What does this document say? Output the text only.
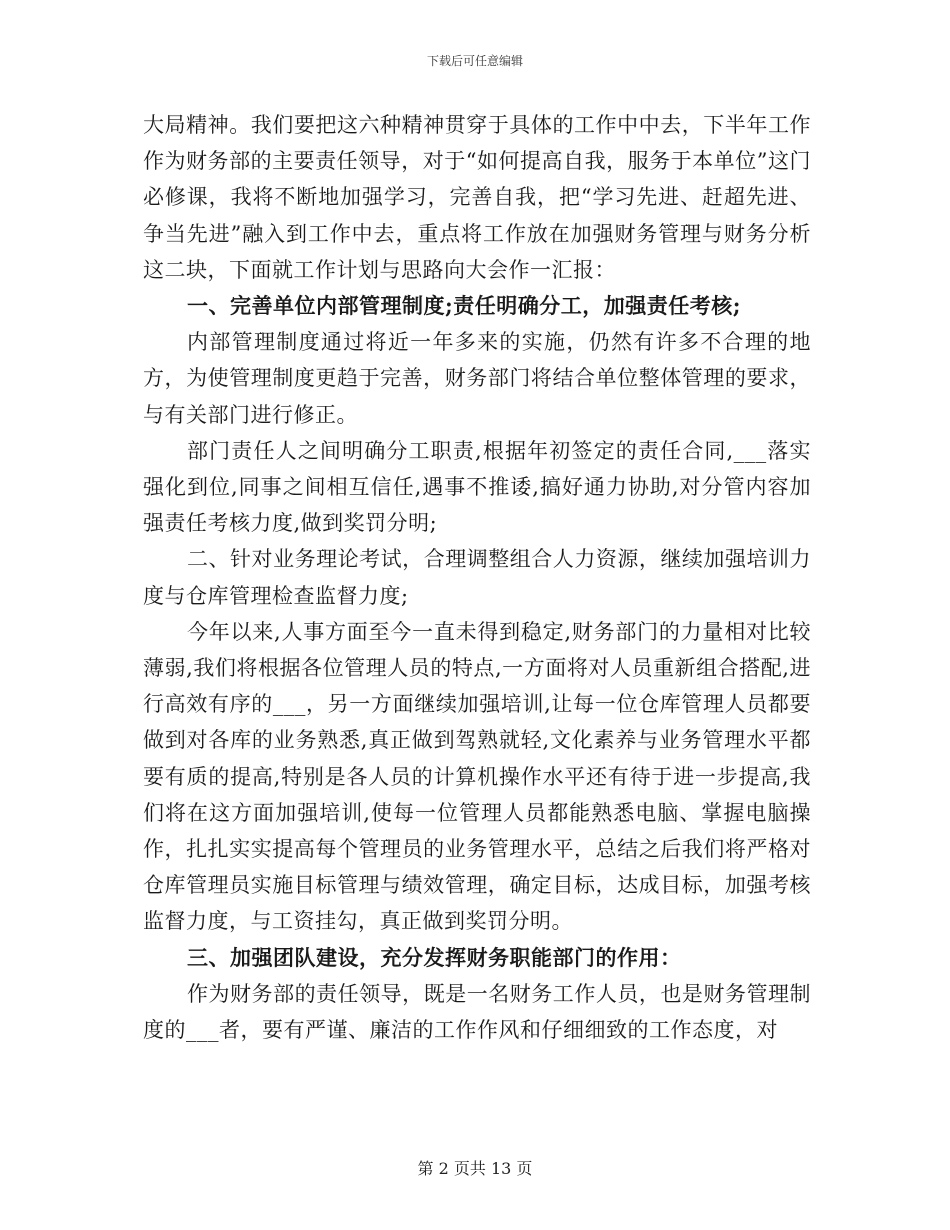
下载后可任意编辑

大局精神。我们要把这六种精神贯穿于具体的工作中中去，下半年工作作为财务部的主要责任领导，对于“如何提高自我，服务于本单位”这门必修课，我将不断地加强学习，完善自我，把“学习先进、赶超先进、争当先进”融入到工作中去，重点将工作放在加强财务管理与财务分析这二块，下面就工作计划与思路向大会作一汇报：

一、完善单位内部管理制度;责任明确分工，加强责任考核;

内部管理制度通过将近一年多来的实施，仍然有许多不合理的地方，为使管理制度更趋于完善，财务部门将结合单位整体管理的要求，与有关部门进行修正。

部门责任人之间明确分工职责,根据年初签定的责任合同,___落实强化到位,同事之间相互信任,遇事不推诿,搞好通力协助,对分管内容加强责任考核力度,做到奖罚分明;

二、针对业务理论考试，合理调整组合人力资源，继续加强培训力度与仓库管理检查监督力度;

今年以来,人事方面至今一直未得到稳定,财务部门的力量相对比较薄弱,我们将根据各位管理人员的特点,一方面将对人员重新组合搭配,进行高效有序的___，另一方面继续加强培训,让每一位仓库管理人员都要做到对各库的业务熟悉,真正做到驾熟就轻,文化素养与业务管理水平都要有质的提高,特别是各人员的计算机操作水平还有待于进一步提高,我们将在这方面加强培训,使每一位管理人员都能熟悉电脑、掌握电脑操作，扎扎实实提高每个管理员的业务管理水平，总结之后我们将严格对仓库管理员实施目标管理与绩效管理，确定目标，达成目标，加强考核监督力度，与工资挂勾，真正做到奖罚分明。

三、加强团队建设，充分发挥财务职能部门的作用：

作为财务部的责任领导，既是一名财务工作人员，也是财务管理制度的___者，要有严谨、廉洁的工作作风和仔细细致的工作态度，对

第 2 页共 13 页
